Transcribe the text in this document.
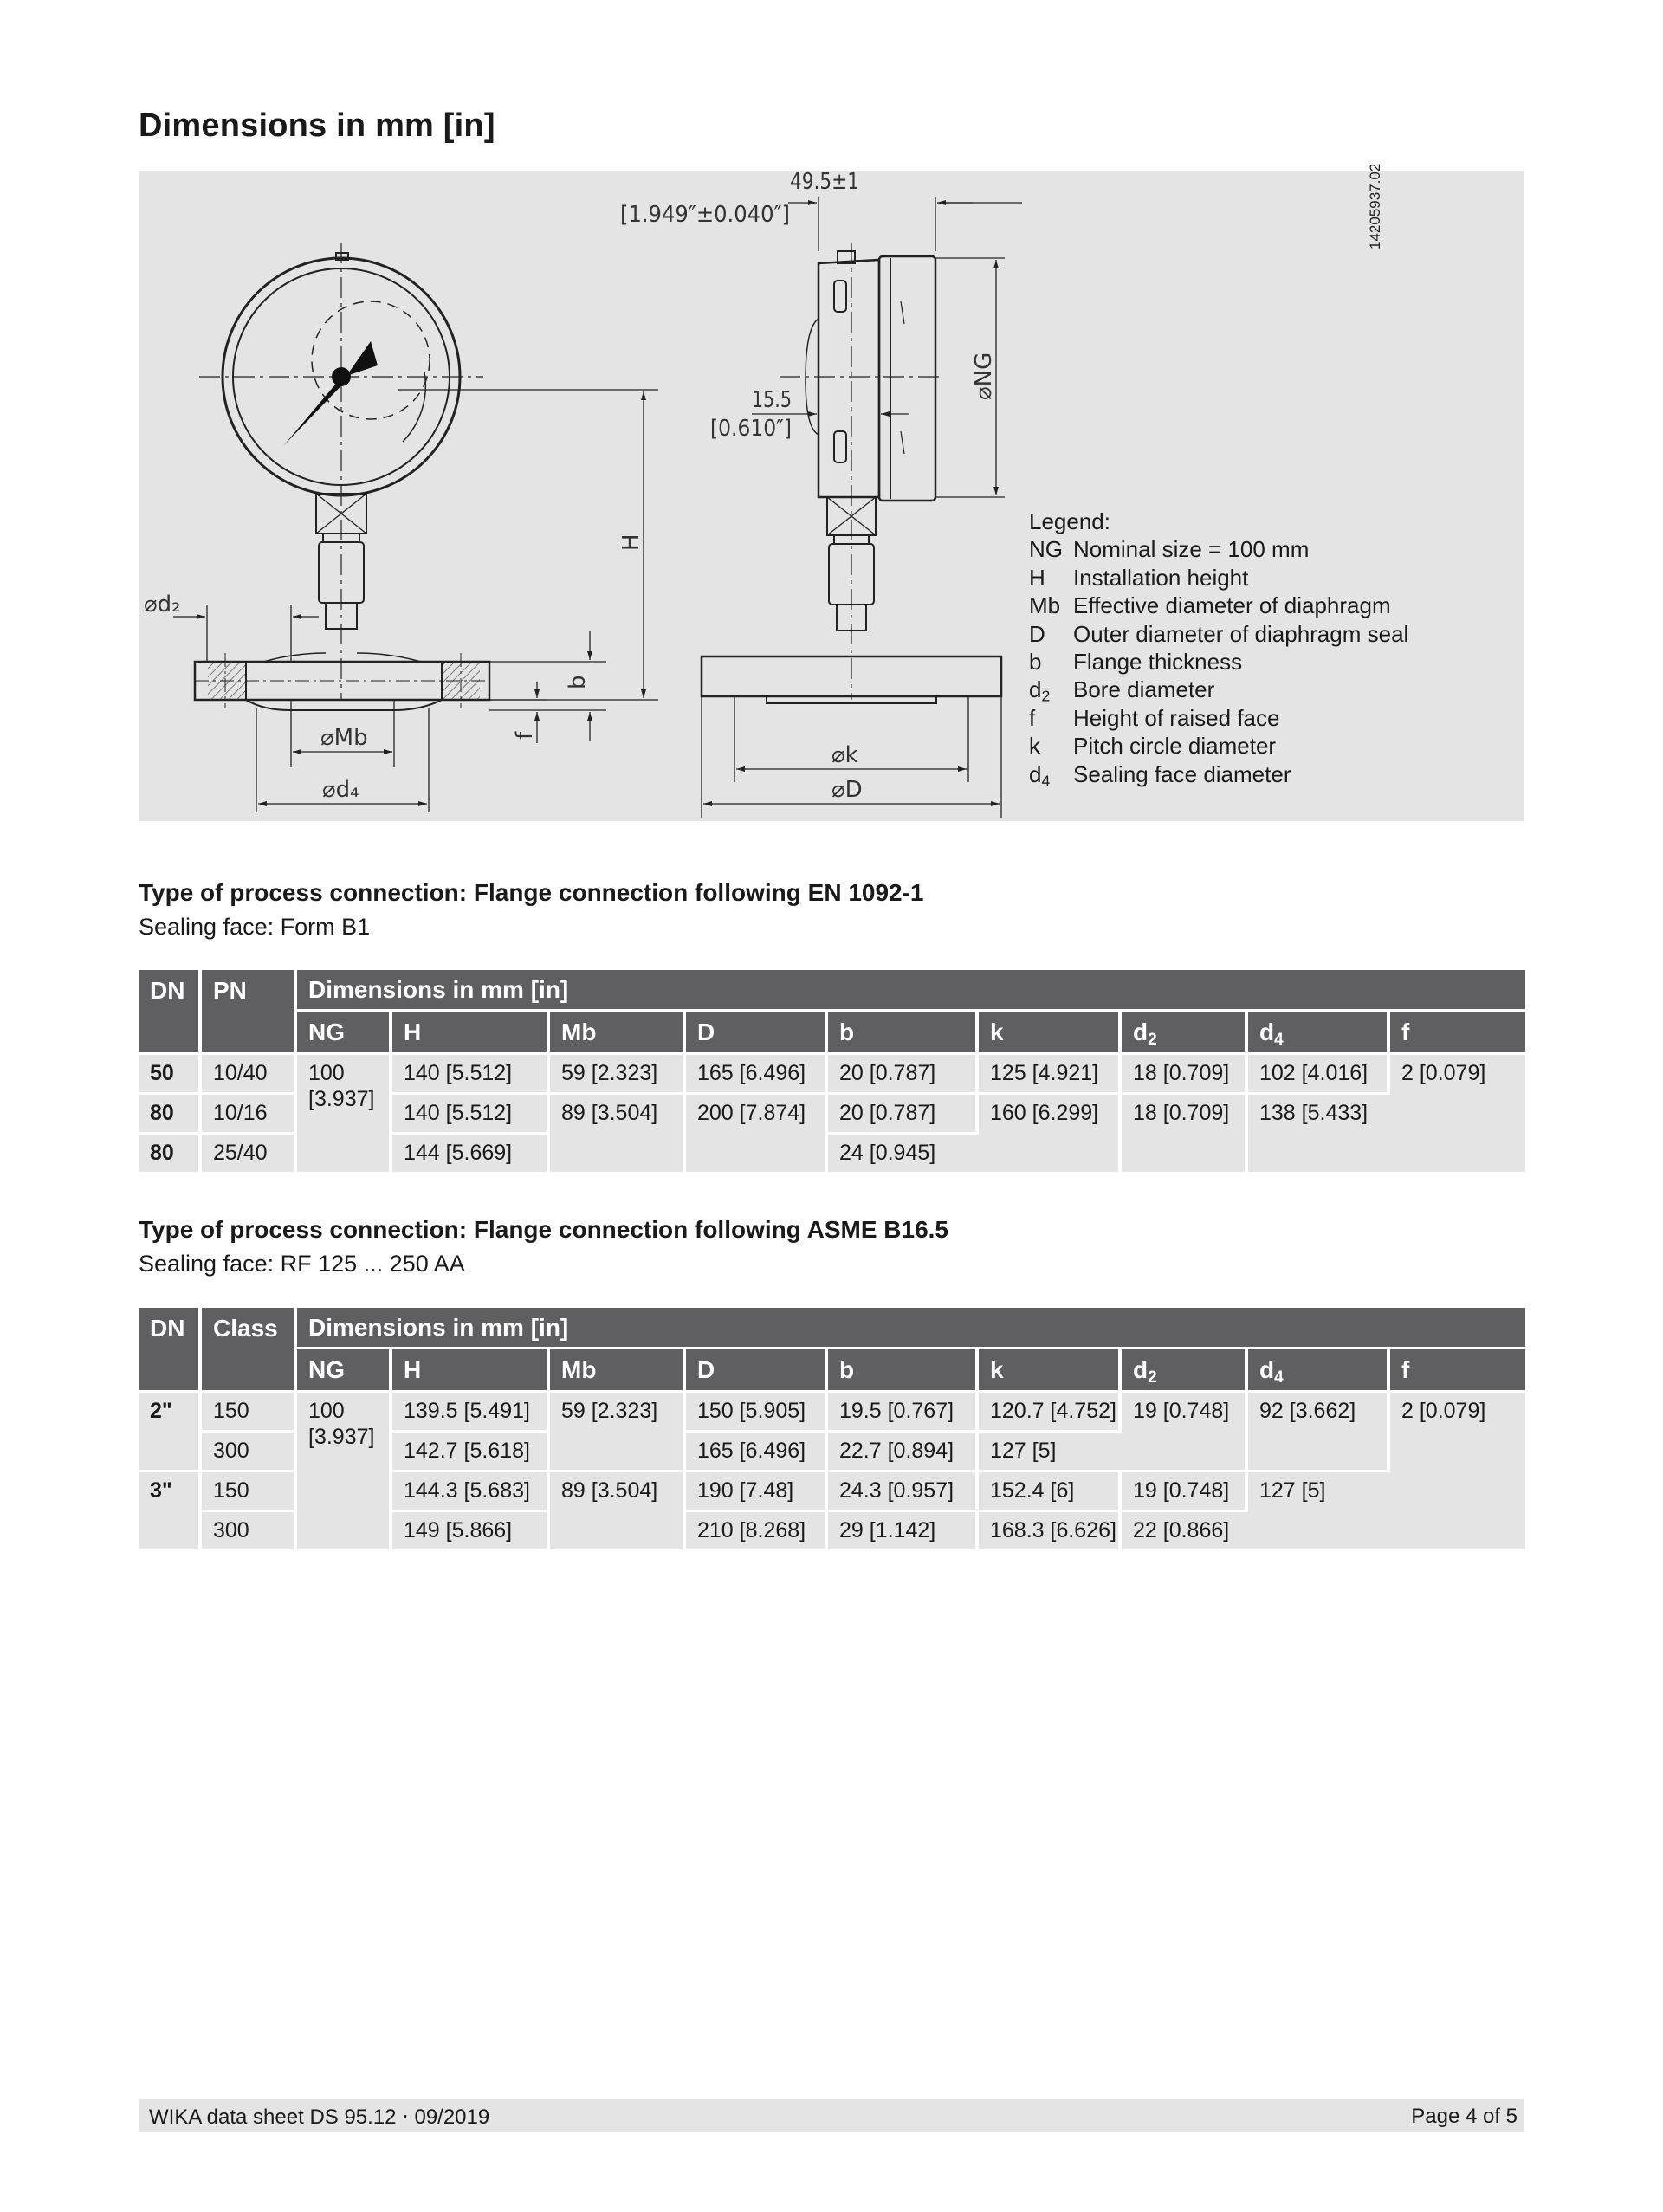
Dimensions in mm [in]
49.5±1
[1.949″±0.040″]
15.5
[0.610″]
⌀NG
H
⌀d₂
b
f
⌀Mb
⌀d₄
⌀k
⌀D
14205937.02
Legend:
NG Nominal size = 100 mm
H	Installation height
Mb Effective diameter of diaphragm
D	Outer diameter of diaphragm seal
b	Flange thickness
$d_2$	Bore diameter
f	Height of raised face
k	Pitch circle diameter
$d_4$	Sealing face diameter
Type of process connection: Flange connection following EN 1092-1
Sealing face: Form B1
DN	PN	Dimensions in mm [in]								
		NG	H	Mb	D	b	k	$d_2$	$d_4$	f
50	10/40	100 [3.937]	140 [5.512]	59 [2.323]	165 [6.496]	20 [0.787]	125 [4.921]	18 [0.709]	102 [4.016]	2 [0.079]
80	10/16		140 [5.512]	89 [3.504]	200 [7.874]	20 [0.787]	160 [6.299]	18 [0.709]	138 [5.433]	
80	25/40		144 [5.669]			24 [0.945]				
Type of process connection: Flange connection following ASME B16.5
Sealing face: RF 125 ... 250 AA
DN	Class	Dimensions in mm [in]								
		NG	H	Mb	D	b	k	$d_2$	$d_4$	f
2"	150	100 [3.937]	139.5 [5.491]	59 [2.323]	150 [5.905]	19.5 [0.767]	120.7 [4.752]	19 [0.748]	92 [3.662]	2 [0.079]
	300		142.7 [5.618]		165 [6.496]	22.7 [0.894]	127 [5]			
3"	150		144.3 [5.683]	89 [3.504]	190 [7.48]	24.3 [0.957]	152.4 [6]	19 [0.748]	127 [5]	
	300		149 [5.866]		210 [8.268]	29 [1.142]	168.3 [6.626]	22 [0.866]		
WIKA data sheet DS 95.12 ⋅ 09/2019	Page 4 of 5
